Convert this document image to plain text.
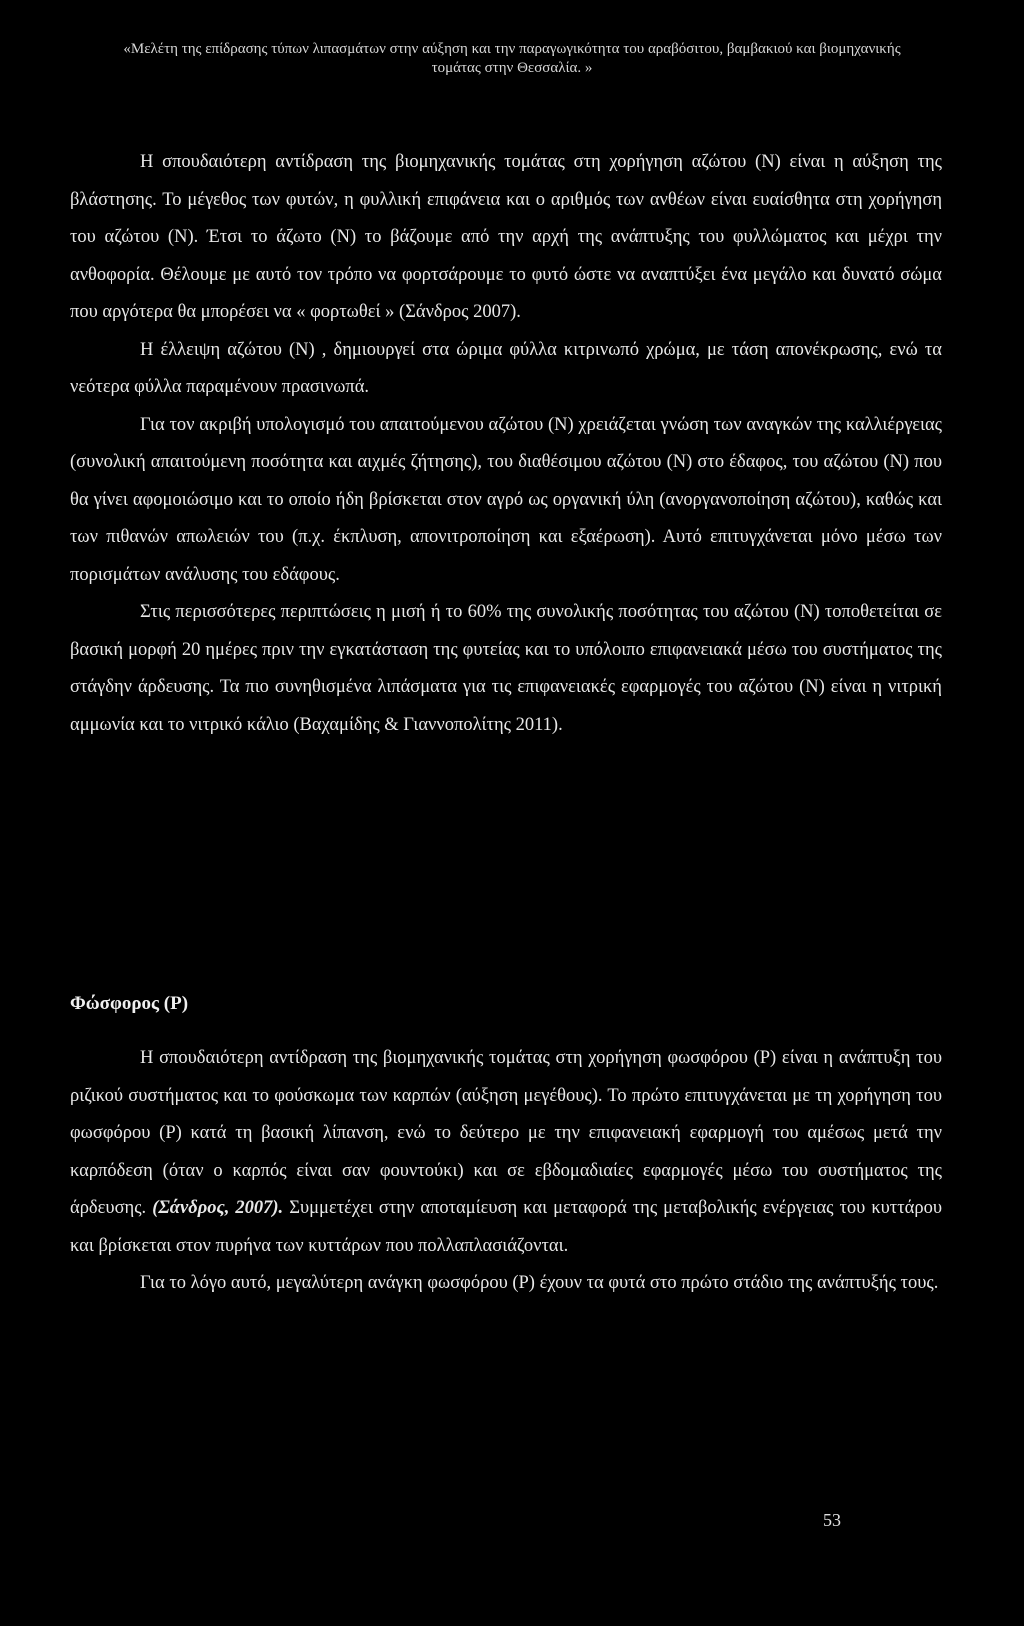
«Μελέτη της επίδρασης τύπων λιπασμάτων στην αύξηση και την παραγωγικότητα του αραβόσιτου, βαμβακιού και βιομηχανικής
τομάτας στην Θεσσαλία. »

Η σπουδαιότερη αντίδραση της βιομηχανικής τομάτας στη χορήγηση αζώτου (Ν) είναι η αύξηση της βλάστησης. Το μέγεθος των φυτών, η φυλλική επιφάνεια και ο αριθμός των ανθέων είναι ευαίσθητα στη χορήγηση του αζώτου (Ν). Έτσι το άζωτο (Ν) το βάζουμε από την αρχή της ανάπτυξης του φυλλώματος και μέχρι την ανθοφορία. Θέλουμε με αυτό τον τρόπο να φορτσάρουμε το φυτό ώστε να αναπτύξει ένα μεγάλο και δυνατό σώμα που αργότερα θα μπορέσει να « φορτωθεί » (Σάνδρος 2007).

Η έλλειψη αζώτου (Ν) , δημιουργεί στα ώριμα φύλλα κιτρινωπό χρώμα, με τάση απονέκρωσης, ενώ τα νεότερα φύλλα παραμένουν πρασινωπά.

Για τον ακριβή υπολογισμό του απαιτούμενου αζώτου (Ν) χρειάζεται γνώση των αναγκών της καλλιέργειας (συνολική απαιτούμενη ποσότητα και αιχμές ζήτησης), του διαθέσιμου αζώτου (Ν) στο έδαφος, του αζώτου (Ν) που θα γίνει αφομοιώσιμο και το οποίο ήδη βρίσκεται στον αγρό ως οργανική ύλη (ανοργανοποίηση αζώτου), καθώς και των πιθανών απωλειών του (π.χ. έκπλυση, απονιτροποίηση και εξαέρωση). Αυτό επιτυγχάνεται μόνο μέσω των πορισμάτων ανάλυσης του εδάφους.

Στις περισσότερες περιπτώσεις η μισή ή το 60% της συνολικής ποσότητας του αζώτου (Ν) τοποθετείται σε βασική μορφή 20 ημέρες πριν την εγκατάσταση της φυτείας και το υπόλοιπο επιφανειακά μέσω του συστήματος της στάγδην άρδευσης. Τα πιο συνηθισμένα λιπάσματα για τις επιφανειακές εφαρμογές του αζώτου (Ν) είναι η νιτρική αμμωνία και το νιτρικό κάλιο (Βαχαμίδης & Γιαννοπολίτης 2011).

Φώσφορος (Ρ)

Η σπουδαιότερη αντίδραση της βιομηχανικής τομάτας στη χορήγηση φωσφόρου (Ρ) είναι η ανάπτυξη του ριζικού συστήματος και το φούσκωμα των καρπών (αύξηση μεγέθους). Το πρώτο επιτυγχάνεται με τη χορήγηση του φωσφόρου (Ρ) κατά τη βασική λίπανση, ενώ το δεύτερο με την επιφανειακή εφαρμογή του αμέσως μετά την καρπόδεση (όταν ο καρπός είναι σαν φουντούκι) και σε εβδομαδιαίες εφαρμογές μέσω του συστήματος της άρδευσης. (Σάνδρος, 2007). Συμμετέχει στην αποταμίευση και μεταφορά της μεταβολικής ενέργειας του κυττάρου και βρίσκεται στον πυρήνα των κυττάρων που πολλαπλασιάζονται.

Για το λόγο αυτό, μεγαλύτερη ανάγκη φωσφόρου (Ρ) έχουν τα φυτά στο πρώτο στάδιο της ανάπτυξής τους.

53
